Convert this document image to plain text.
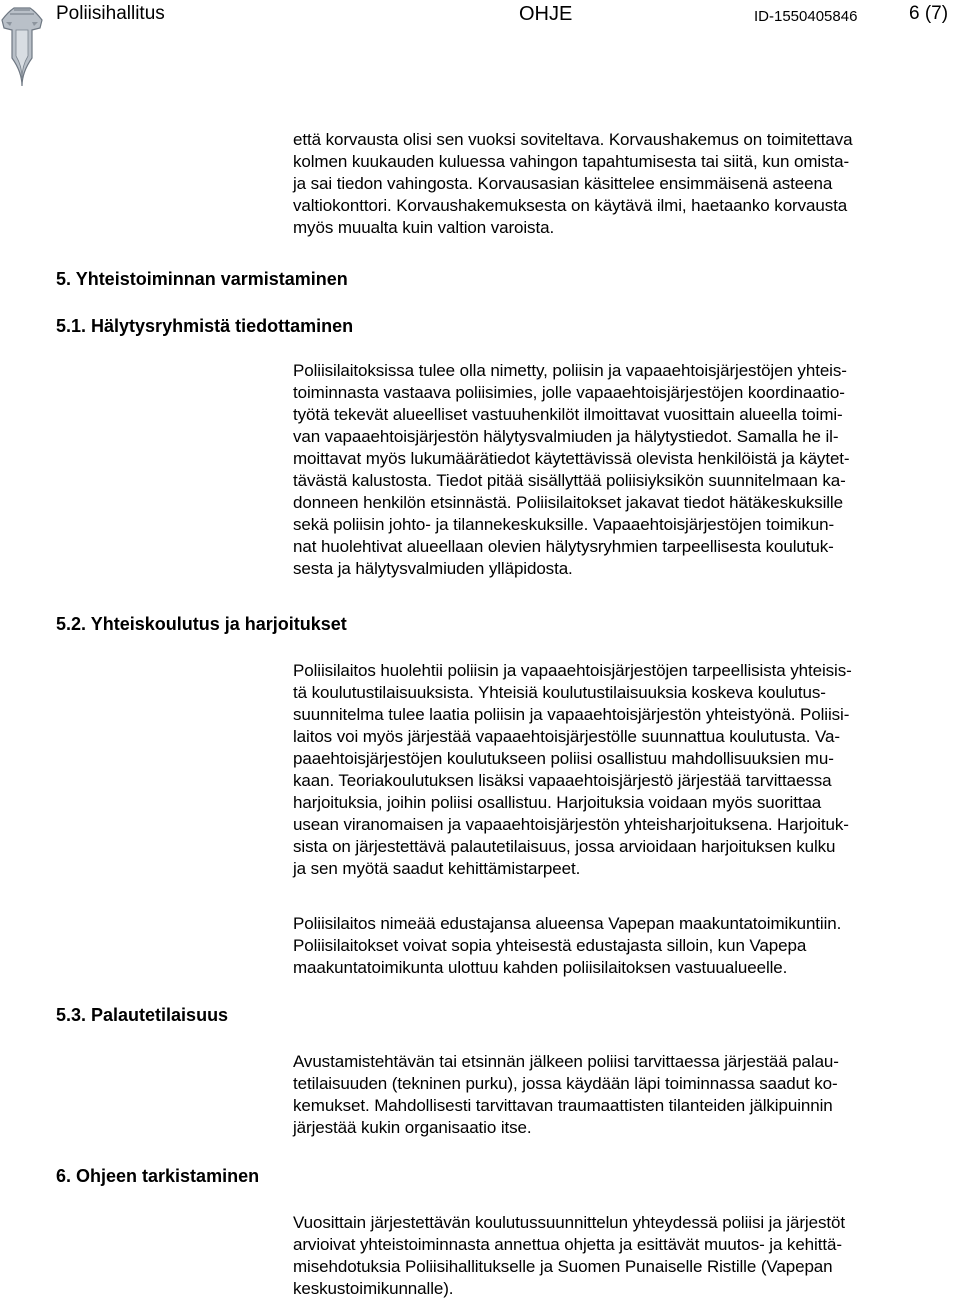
Poliisihallitus	OHJE	ID-1550405846	6 (7)

että korvausta olisi sen vuoksi soviteltava. Korvaushakemus on toimitettava
kolmen kuukauden kuluessa vahingon tapahtumisesta tai siitä, kun omista-
ja sai tiedon vahingosta. Korvausasian käsittelee ensimmäisenä asteena
valtiokonttori. Korvaushakemuksesta on käytävä ilmi, haetaanko korvausta
myös muualta kuin valtion varoista.

5. Yhteistoiminnan varmistaminen
5.1. Hälytysryhmistä tiedottaminen

Poliisilaitoksissa tulee olla nimetty, poliisin ja vapaaehtoisjärjestöjen yhteis-
toiminnasta vastaava poliisimies, jolle vapaaehtoisjärjestöjen koordinaatio-
työtä tekevät alueelliset vastuuhenkilöt ilmoittavat vuosittain alueella toimi-
van vapaaehtoisjärjestön hälytysvalmiuden ja hälytystiedot. Samalla he il-
moittavat myös lukumäärätiedot käytettävissä olevista henkilöistä ja käytet-
tävästä kalustosta. Tiedot pitää sisällyttää poliisiyksikön suunnitelmaan ka-
donneen henkilön etsinnästä. Poliisilaitokset jakavat tiedot hätäkeskuksille
sekä poliisin johto- ja tilannekeskuksille. Vapaaehtoisjärjestöjen toimikun-
nat huolehtivat alueellaan olevien hälytysryhmien tarpeellisesta koulutuk-
sesta ja hälytysvalmiuden ylläpidosta.

5.2. Yhteiskoulutus ja harjoitukset

Poliisilaitos huolehtii poliisin ja vapaaehtoisjärjestöjen tarpeellisista yhteisis-
tä koulutustilaisuuksista. Yhteisiä koulutustilaisuuksia koskeva koulutus-
suunnitelma tulee laatia poliisin ja vapaaehtoisjärjestön yhteistyönä. Poliisi-
laitos voi myös järjestää vapaaehtoisjärjestölle suunnattua koulutusta. Va-
paaehtoisjärjestöjen koulutukseen poliisi osallistuu mahdollisuuksien mu-
kaan. Teoriakoulutuksen lisäksi vapaaehtoisjärjestö järjestää tarvittaessa
harjoituksia, joihin poliisi osallistuu. Harjoituksia voidaan myös suorittaa
usean viranomaisen ja vapaaehtoisjärjestön yhteisharjoituksena. Harjoituk-
sista on järjestettävä palautetilaisuus, jossa arvioidaan harjoituksen kulku
ja sen myötä saadut kehittämistarpeet.

Poliisilaitos nimeää edustajansa alueensa Vapepan maakuntatoimikuntiin.
Poliisilaitokset voivat sopia yhteisestä edustajasta silloin, kun Vapepa
maakuntatoimikunta ulottuu kahden poliisilaitoksen vastuualueelle.

5.3. Palautetilaisuus

Avustamistehtävän tai etsinnän jälkeen poliisi tarvittaessa järjestää palau-
tetilaisuuden (tekninen purku), jossa käydään läpi toiminnassa saadut ko-
kemukset. Mahdollisesti tarvittavan traumaattisten tilanteiden jälkipuinnin
järjestää kukin organisaatio itse.

6. Ohjeen tarkistaminen

Vuosittain järjestettävän koulutussuunnittelun yhteydessä poliisi ja järjestöt
arvioivat yhteistoiminnasta annettua ohjetta ja esittävät muutos- ja kehittä-
misehdotuksia Poliisihallitukselle ja Suomen Punaiselle Ristille (Vapepan
keskustoimikunnalle).
